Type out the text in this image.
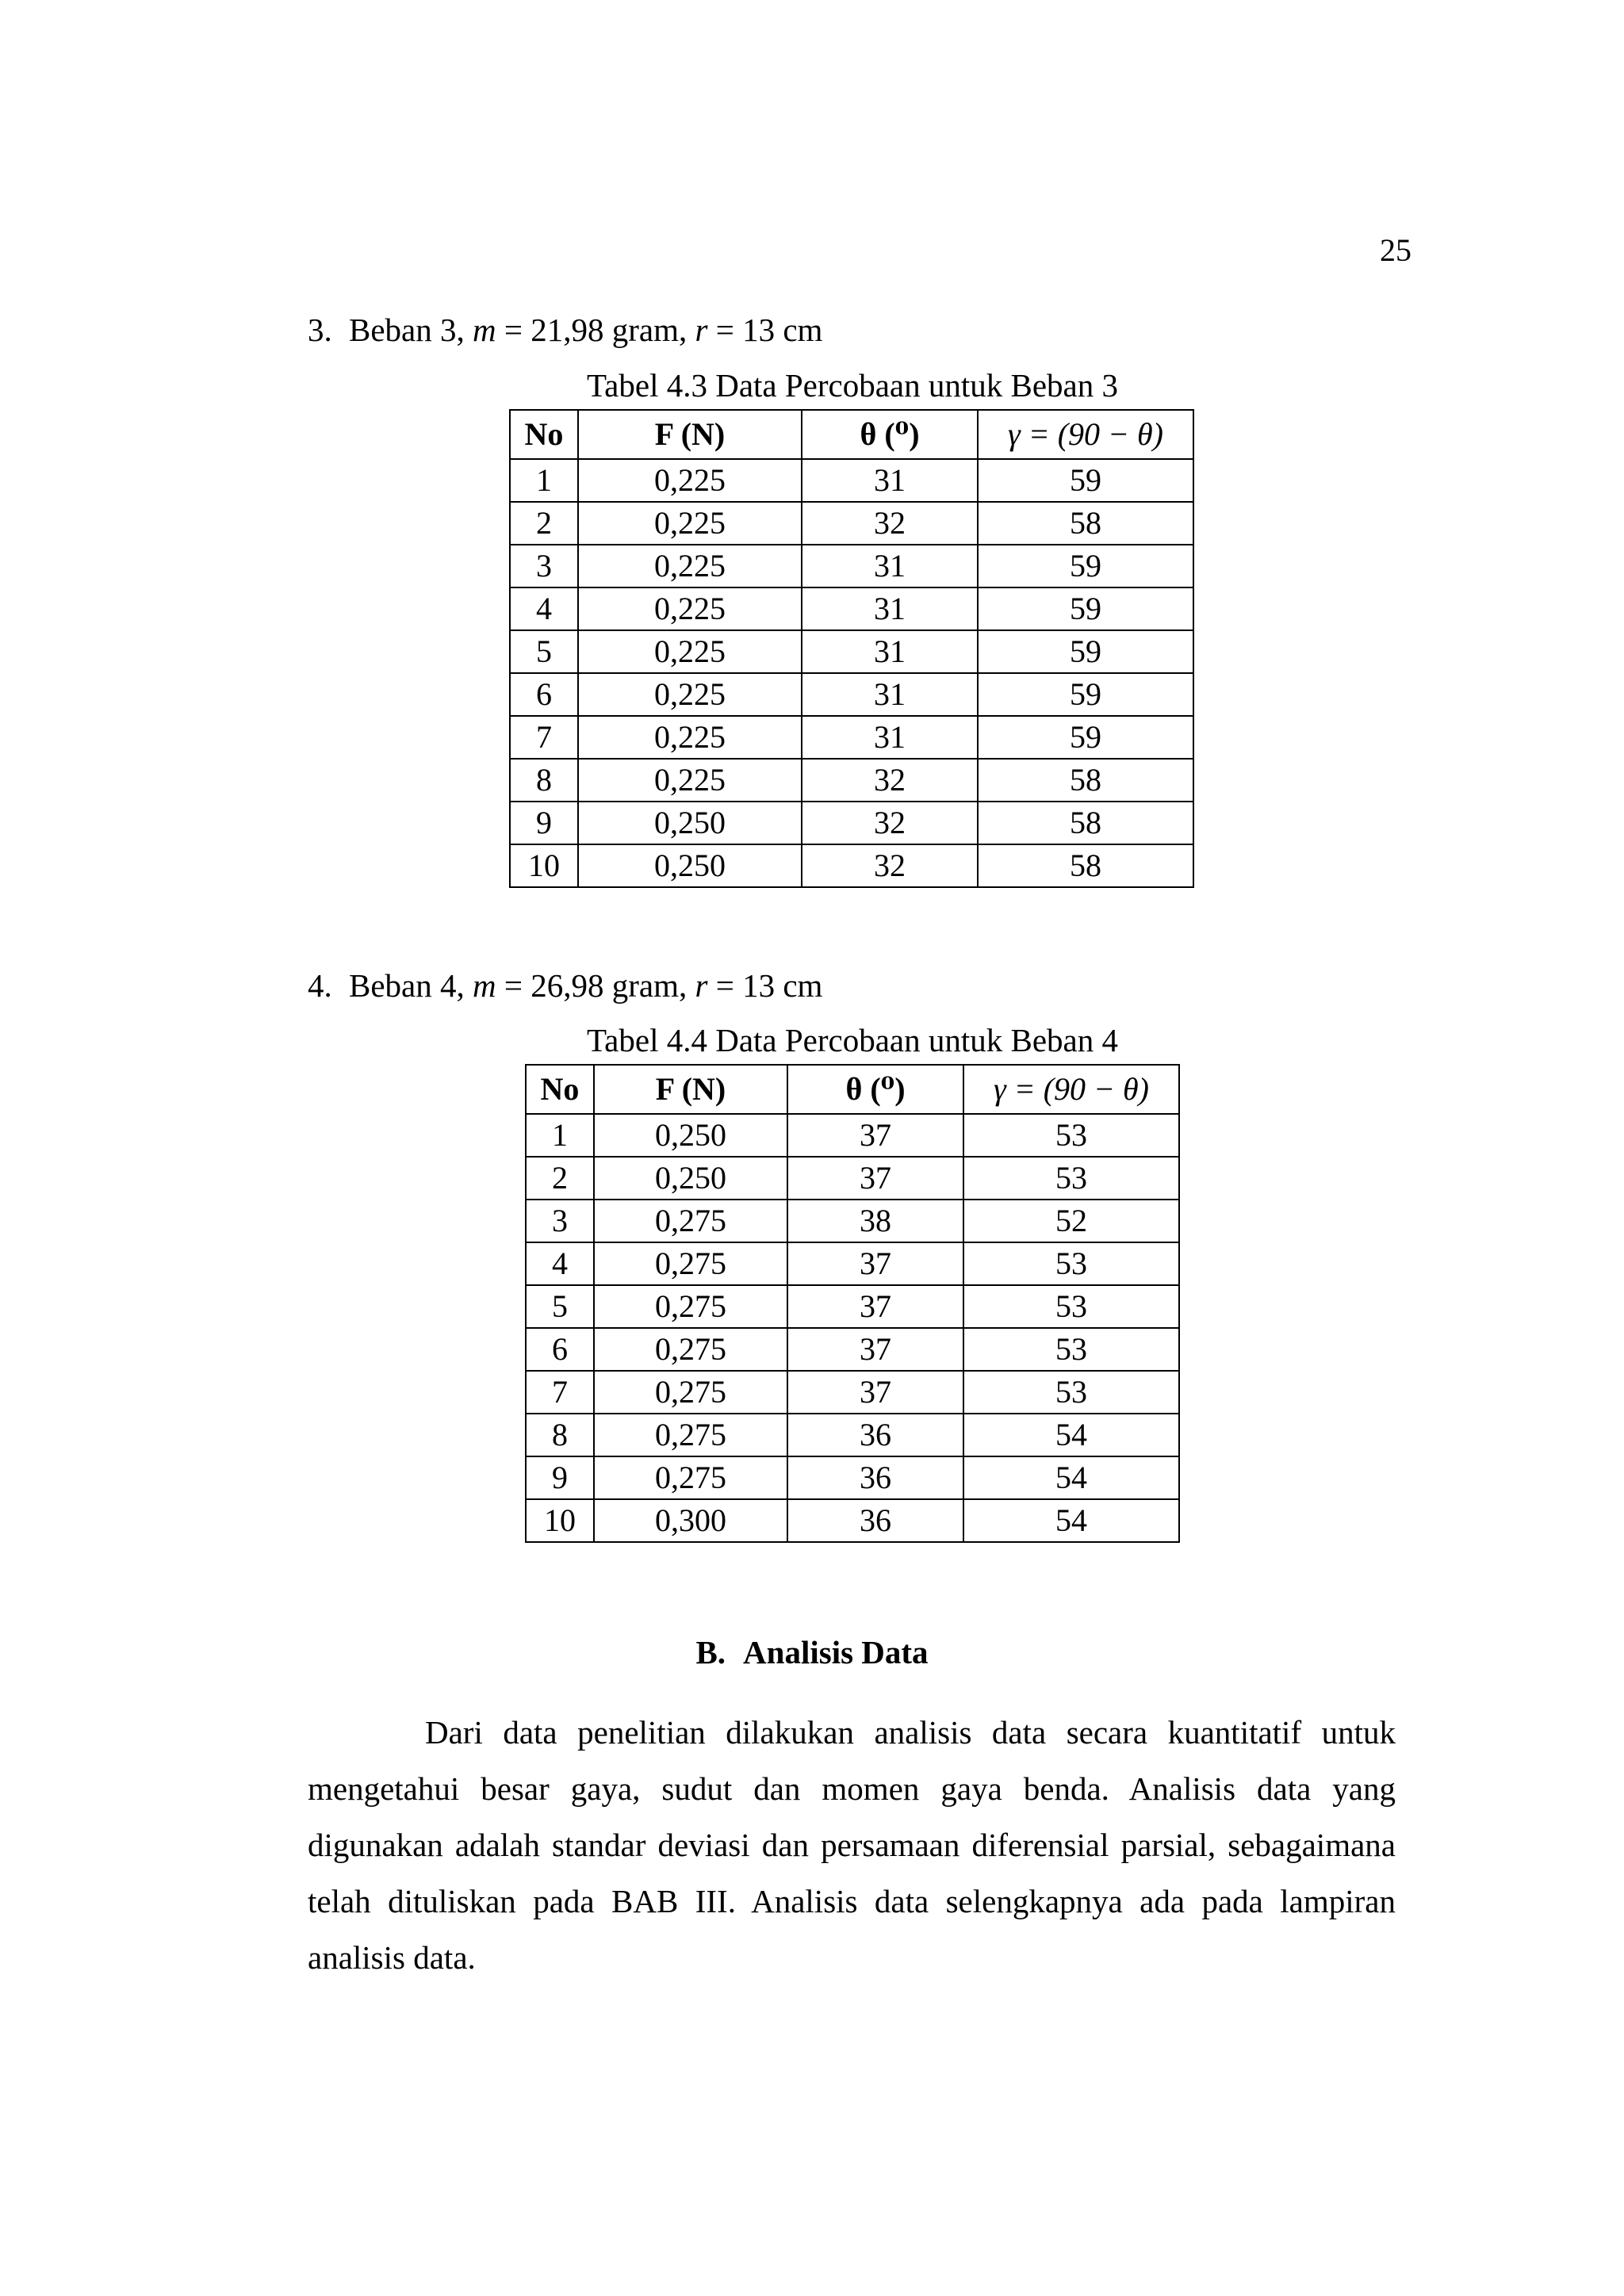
25
3. Beban 3, m = 21,98 gram, r = 13 cm
Tabel 4.3 Data Percobaan untuk Beban 3
No	F (N)	θ (⁰)	γ = (90 − θ)
1	0,225	31	59
2	0,225	32	58
3	0,225	31	59
4	0,225	31	59
5	0,225	31	59
6	0,225	31	59
7	0,225	31	59
8	0,225	32	58
9	0,250	32	58
10	0,250	32	58
4. Beban 4, m = 26,98 gram, r = 13 cm
Tabel 4.4 Data Percobaan untuk Beban 4
No	F (N)	θ (⁰)	γ = (90 − θ)
1	0,250	37	53
2	0,250	37	53
3	0,275	38	52
4	0,275	37	53
5	0,275	37	53
6	0,275	37	53
7	0,275	37	53
8	0,275	36	54
9	0,275	36	54
10	0,300	36	54
B. Analisis Data
Dari data penelitian dilakukan analisis data secara kuantitatif untuk mengetahui besar gaya, sudut dan momen gaya benda. Analisis data yang digunakan adalah standar deviasi dan persamaan diferensial parsial, sebagaimana telah dituliskan pada BAB III. Analisis data selengkapnya ada pada lampiran analisis data.
